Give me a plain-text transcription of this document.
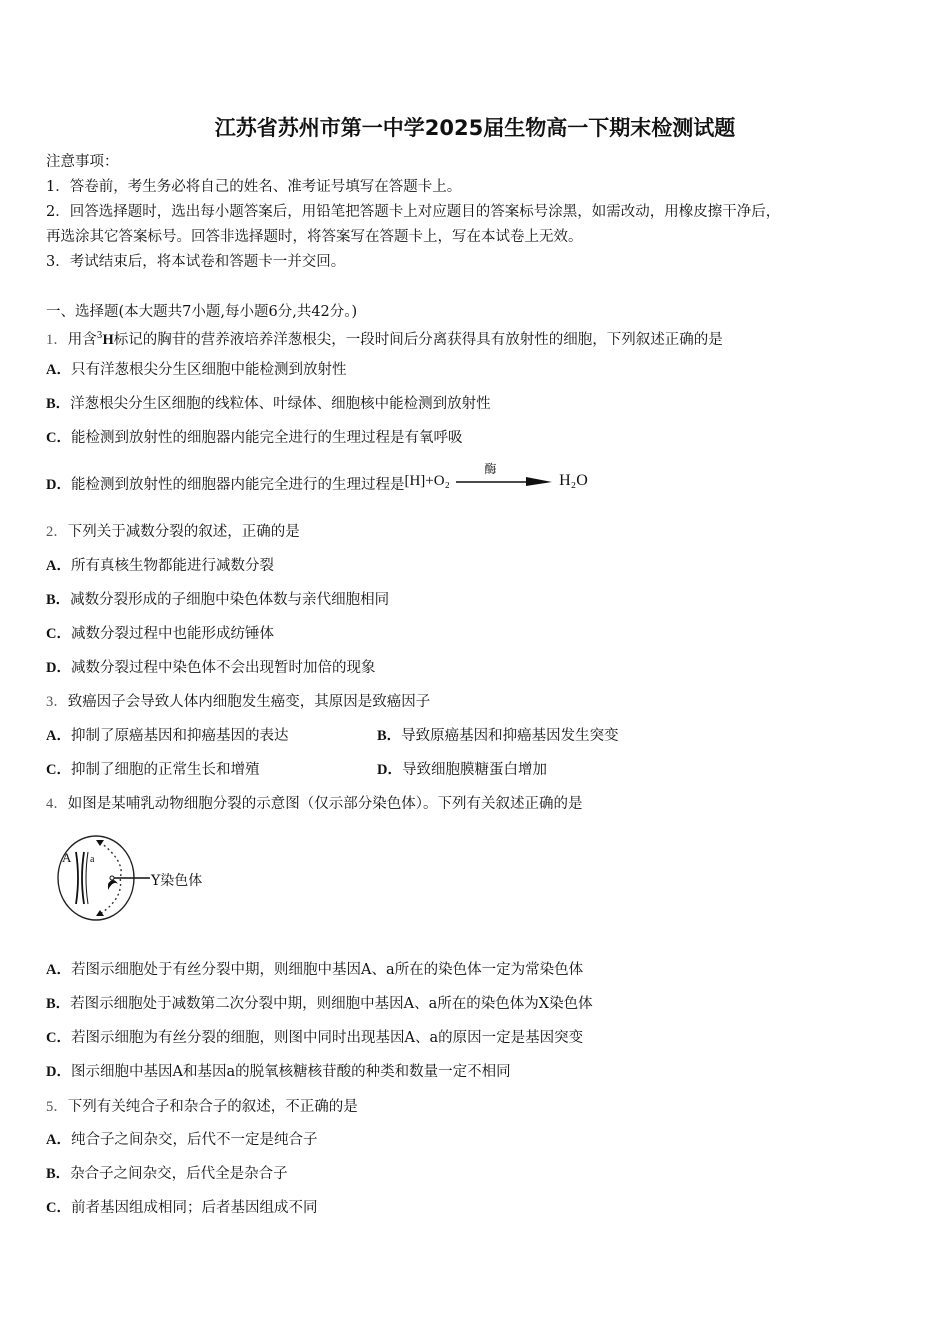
江苏省苏州市第一中学2025届生物高一下期末检测试题
注意事项：
1．答卷前，考生务必将自己的姓名、准考证号填写在答题卡上。
2．回答选择题时，选出每小题答案后，用铅笔把答题卡上对应题目的答案标号涂黑，如需改动，用橡皮擦干净后，
再选涂其它答案标号。回答非选择题时，将答案写在答题卡上，写在本试卷上无效。
3．考试结束后，将本试卷和答题卡一并交回。
一、选择题(本大题共7小题,每小题6分,共42分。)
1．用含$^3$H标记的胸苷的营养液培养洋葱根尖，一段时间后分离获得具有放射性的细胞，下列叙述正确的是
A．只有洋葱根尖分生区细胞中能检测到放射性
B．洋葱根尖分生区细胞的线粒体、叶绿体、细胞核中能检测到放射性
C．能检测到放射性的细胞器内能完全进行的生理过程是有氧呼吸
D．能检测到放射性的细胞器内能完全进行的生理过程是[H]+O₂
酶
H₂O
2．下列关于减数分裂的叙述，正确的是
A．所有真核生物都能进行减数分裂
B．减数分裂形成的子细胞中染色体数与亲代细胞相同
C．减数分裂过程中也能形成纺锤体
D．减数分裂过程中染色体不会出现暂时加倍的现象
3．致癌因子会导致人体内细胞发生癌变，其原因是致癌因子
A．抑制了原癌基因和抑癌基因的表达	B．导致原癌基因和抑癌基因发生突变
C．抑制了细胞的正常生长和增殖	D．导致细胞膜糖蛋白增加
4．如图是某哺乳动物细胞分裂的示意图（仅示部分染色体）。下列有关叙述正确的是
A a
Y染色体
A．若图示细胞处于有丝分裂中期，则细胞中基因A、a所在的染色体一定为常染色体
B．若图示细胞处于减数第二次分裂中期，则细胞中基因A、a所在的染色体为X染色体
C．若图示细胞为有丝分裂的细胞，则图中同时出现基因A、a的原因一定是基因突变
D．图示细胞中基因A和基因a的脱氧核糖核苷酸的种类和数量一定不相同
5．下列有关纯合子和杂合子的叙述，不正确的是
A．纯合子之间杂交，后代不一定是纯合子
B．杂合子之间杂交，后代全是杂合子
C．前者基因组成相同；后者基因组成不同
